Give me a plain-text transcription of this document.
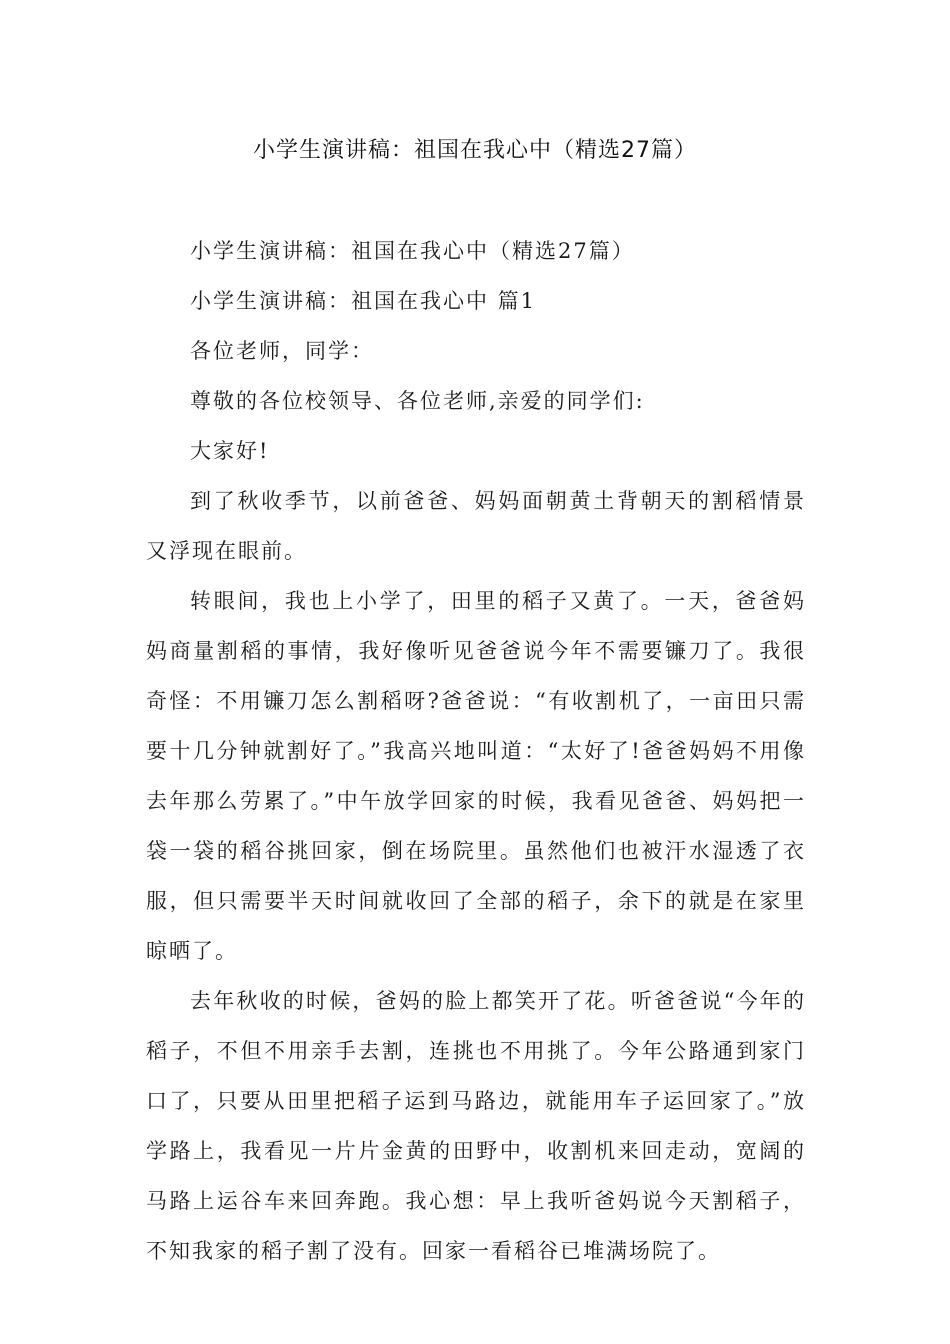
小学生演讲稿：祖国在我心中（精选27篇）
小学生演讲稿：祖国在我心中（精选27篇）
小学生演讲稿：祖国在我心中 篇1
各位老师，同学：
尊敬的各位校领导、各位老师,亲爱的同学们:
大家好!

到了秋收季节，以前爸爸、妈妈面朝黄土背朝天的割稻情景又浮现在眼前。

转眼间，我也上小学了，田里的稻子又黄了。一天，爸爸妈妈商量割稻的事情，我好像听见爸爸说今年不需要镰刀了。我很奇怪：不用镰刀怎么割稻呀?爸爸说：“有收割机了，一亩田只需要十几分钟就割好了。”我高兴地叫道：“太好了!爸爸妈妈不用像去年那么劳累了。”中午放学回家的时候，我看见爸爸、妈妈把一袋一袋的稻谷挑回家，倒在场院里。虽然他们也被汗水湿透了衣服，但只需要半天时间就收回了全部的稻子，余下的就是在家里晾晒了。

去年秋收的时候，爸妈的脸上都笑开了花。听爸爸说“今年的稻子，不但不用亲手去割，连挑也不用挑了。今年公路通到家门口了，只要从田里把稻子运到马路边，就能用车子运回家了。”放学路上，我看见一片片金黄的田野中，收割机来回走动，宽阔的马路上运谷车来回奔跑。我心想：早上我听爸妈说今天割稻子，不知我家的稻子割了没有。回家一看稻谷已堆满场院了。
